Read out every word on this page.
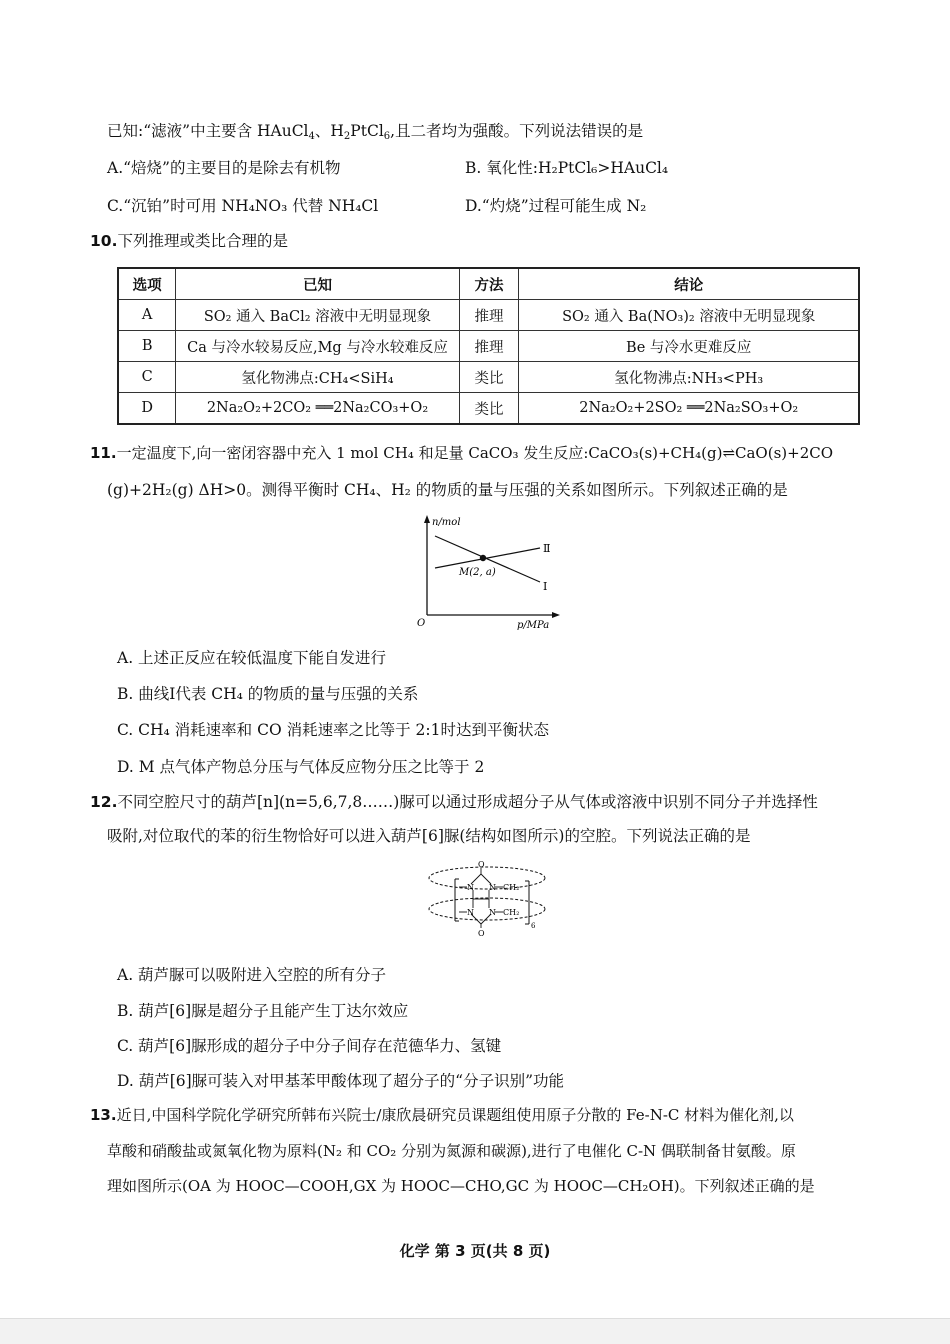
已知:“滤液”中主要含 HAuCl$_4$、$H_2PtCl_6$,且二者均为强酸。下列说法错误的是
A.“焙烧”的主要目的是除去有机物	B. 氧化性:H₂PtCl₆>HAuCl₄
C.“沉铂”时可用 NH₄NO₃ 代替 NH₄Cl	D.“灼烧”过程可能生成 N₂
10.下列推理或类比合理的是
选项	已知	方法	结论
A	SO₂ 通入 BaCl₂ 溶液中无明显现象	推理	SO₂ 通入 Ba(NO₃)₂ 溶液中无明显现象
B	Ca 与冷水较易反应,Mg 与冷水较难反应	推理	Be 与冷水更难反应
C	氢化物沸点:CH₄<SiH₄	类比	氢化物沸点:NH₃<PH₃
D	2Na₂O₂+2CO₂ ══2Na₂CO₃+O₂	类比	2Na₂O₂+2SO₂ ══2Na₂SO₃+O₂
11.一定温度下,向一密闭容器中充入 1 mol CH₄ 和足量 CaCO₃ 发生反应:CaCO₃(s)+CH₄(g)⇌CaO(s)+2CO
(g)+2H₂(g) ΔH>0。测得平衡时 CH₄、H₂ 的物质的量与压强的关系如图所示。下列叙述正确的是
n/mol
p/MPa
O
M(2, a)
Ⅱ
Ⅰ
A. 上述正反应在较低温度下能自发进行
B. 曲线Ⅰ代表 CH₄ 的物质的量与压强的关系
C. CH₄ 消耗速率和 CO 消耗速率之比等于 2:1时达到平衡状态
D. M 点气体产物总分压与气体反应物分压之比等于 2
12.不同空腔尺寸的葫芦[n](n=5,6,7,8……)脲可以通过形成超分子从气体或溶液中识别不同分子并选择性
吸附,对位取代的苯的衍生物恰好可以进入葫芦[6]脲(结构如图所示)的空腔。下列说法正确的是
O
O
N N
N N
CH₂
CH₂
6
A. 葫芦脲可以吸附进入空腔的所有分子
B. 葫芦[6]脲是超分子且能产生丁达尔效应
C. 葫芦[6]脲形成的超分子中分子间存在范德华力、氢键
D. 葫芦[6]脲可装入对甲基苯甲酸体现了超分子的“分子识别”功能
13.近日,中国科学院化学研究所韩布兴院士/康欣晨研究员课题组使用原子分散的 Fe-N-C 材料为催化剂,以
草酸和硝酸盐或氮氧化物为原料(N₂ 和 CO₂ 分别为氮源和碳源),进行了电催化 C-N 偶联制备甘氨酸。原
理如图所示(OA 为 HOOC—COOH,GX 为 HOOC—CHO,GC 为 HOOC—CH₂OH)。下列叙述正确的是
化学 第 3 页(共 8 页)
